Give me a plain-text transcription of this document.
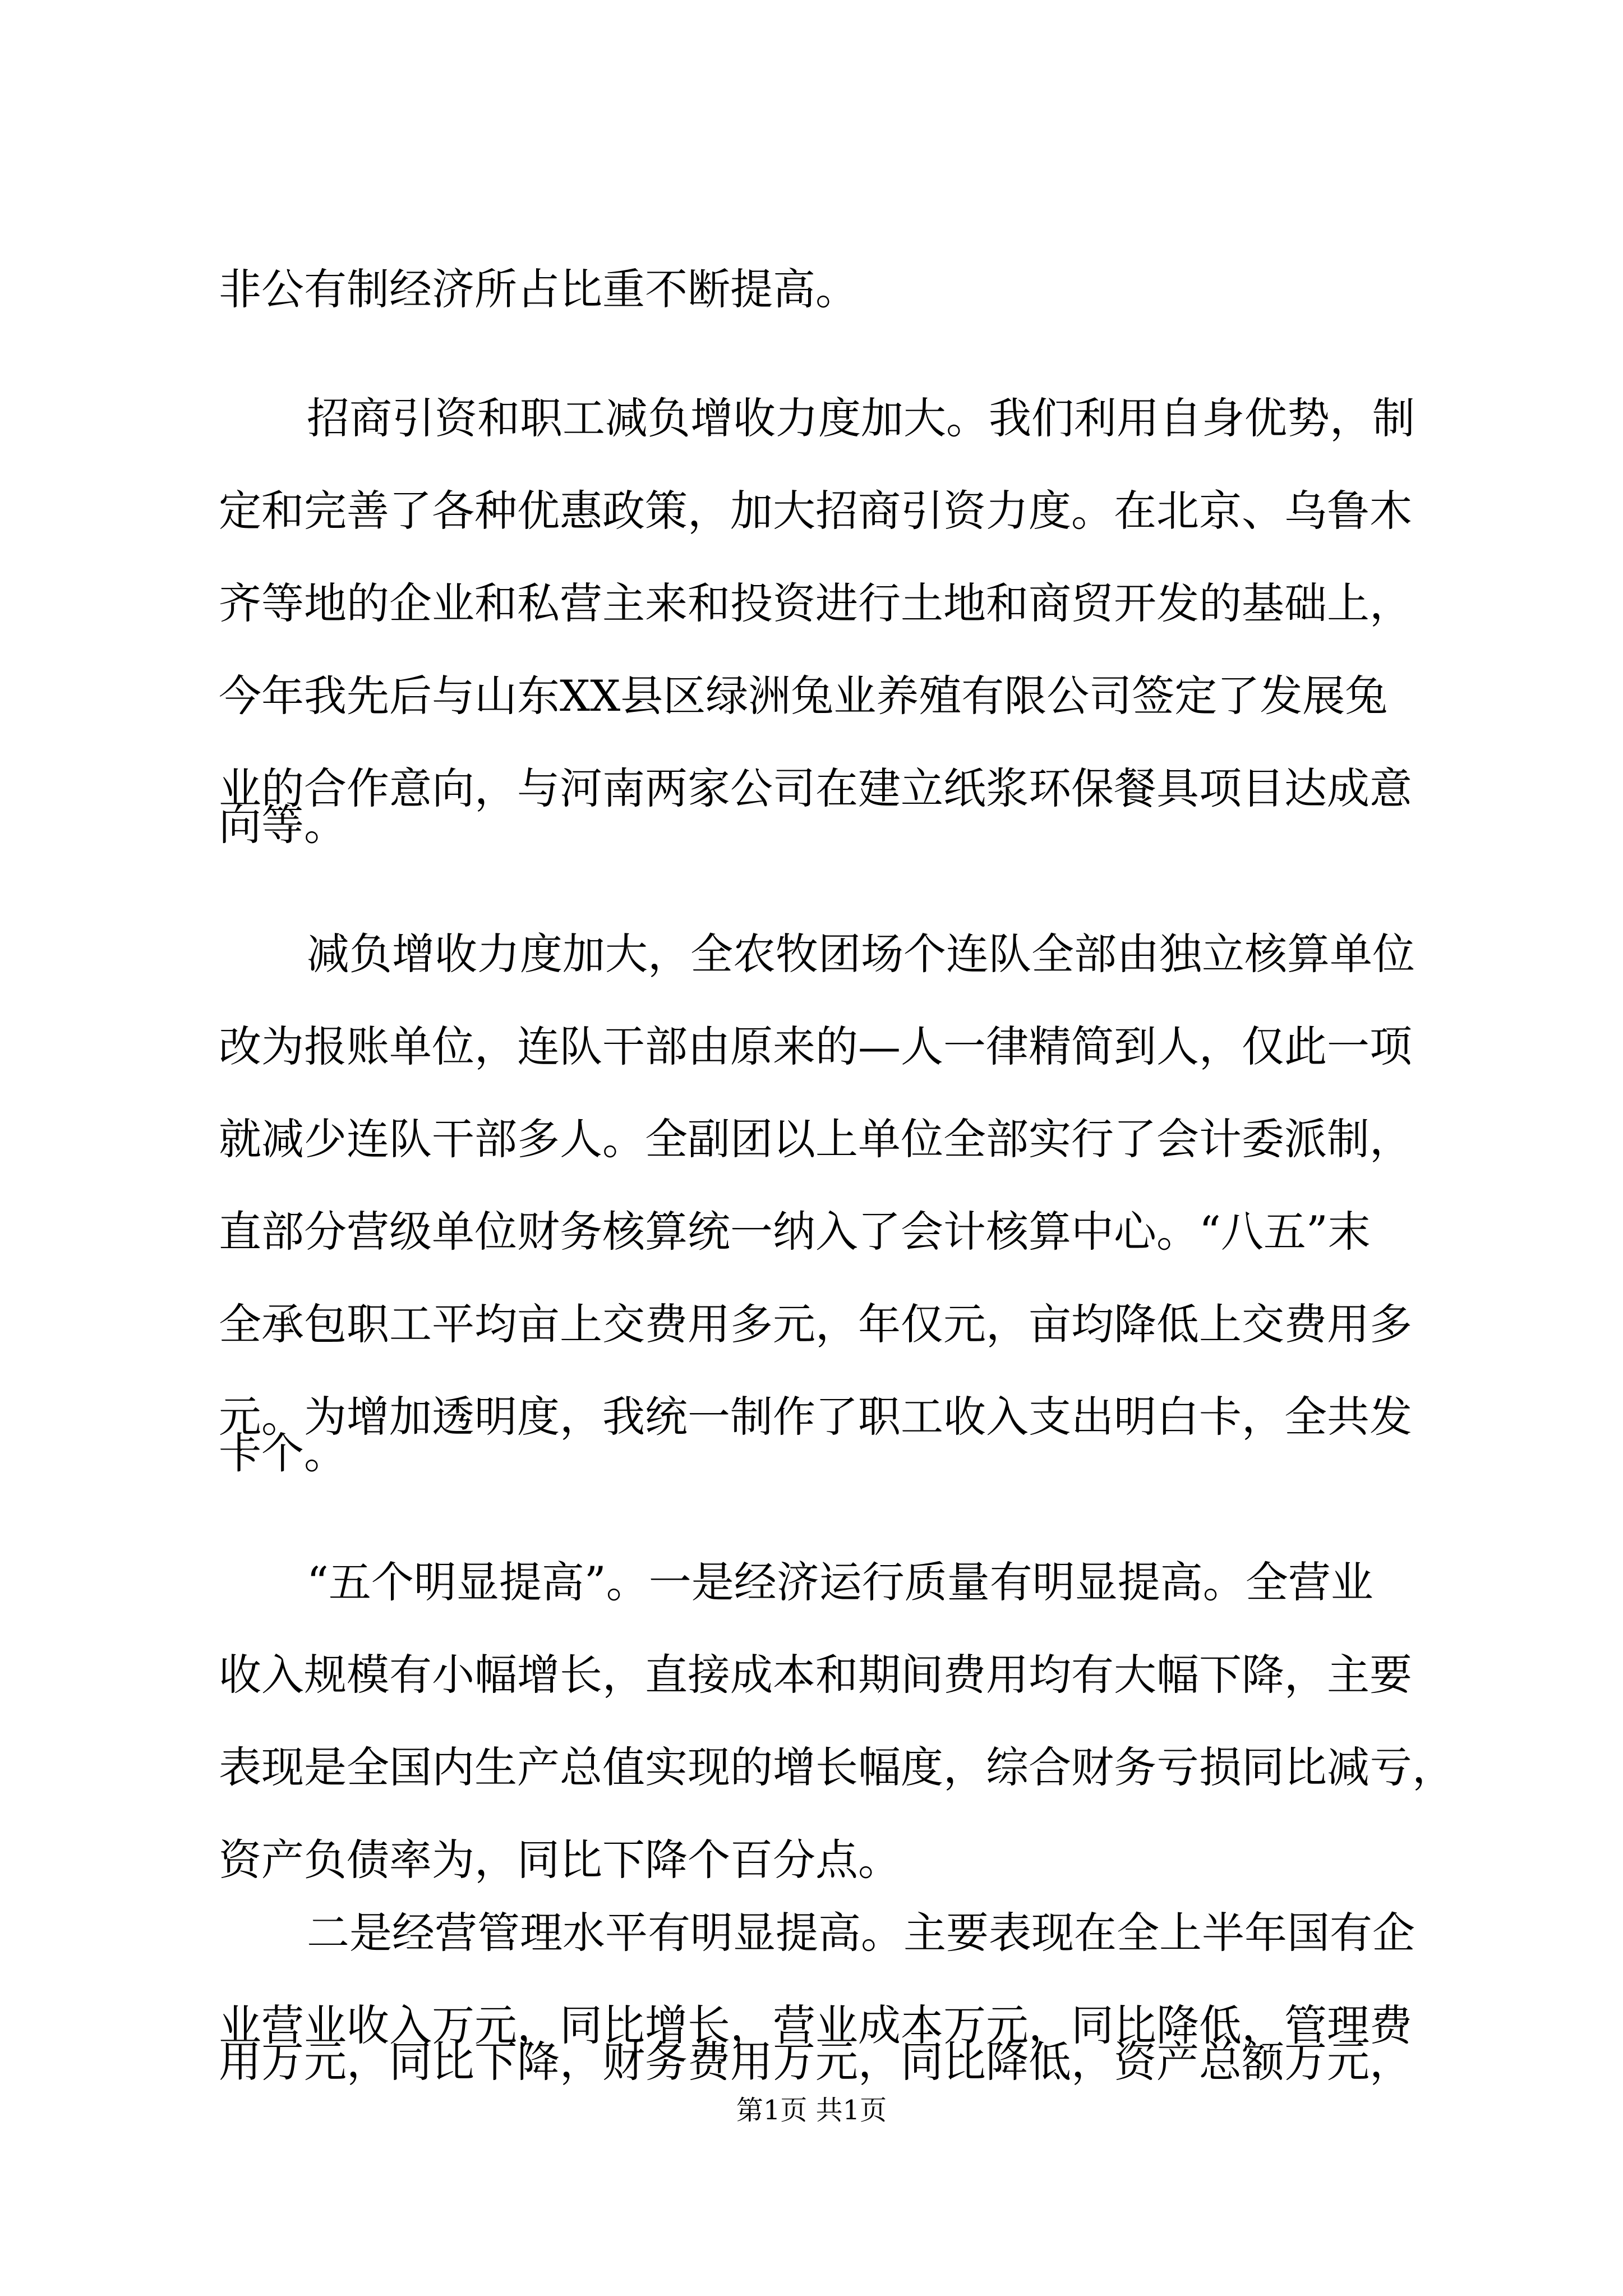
非公有制经济所占比重不断提高。
招商引资和职工减负增收力度加大。我们利用自身优势，制
定和完善了各种优惠政策，加大招商引资力度。在北京、乌鲁木
齐等地的企业和私营主来和投资进行土地和商贸开发的基础上，
今年我先后与山东XX县区绿洲兔业养殖有限公司签定了发展兔
业的合作意向，与河南两家公司在建立纸浆环保餐具项目达成意
向等。
减负增收力度加大，全农牧团场个连队全部由独立核算单位
改为报账单位，连队干部由原来的—人一律精简到人，仅此一项
就减少连队干部多人。全副团以上单位全部实行了会计委派制，
直部分营级单位财务核算统一纳入了会计核算中心。“八五”末
全承包职工平均亩上交费用多元，年仅元，亩均降低上交费用多
元。为增加透明度，我统一制作了职工收入支出明白卡，全共发
卡个。
“五个明显提高”。一是经济运行质量有明显提高。全营业
收入规模有小幅增长，直接成本和期间费用均有大幅下降，主要
表现是全国内生产总值实现的增长幅度，综合财务亏损同比减亏，
资产负债率为，同比下降个百分点。
二是经营管理水平有明显提高。主要表现在全上半年国有企
业营业收入万元，同比增长，营业成本万元，同比降低，管理费
用万元，同比下降，财务费用万元，同比降低，资产总额万元，
第1页 共1页
